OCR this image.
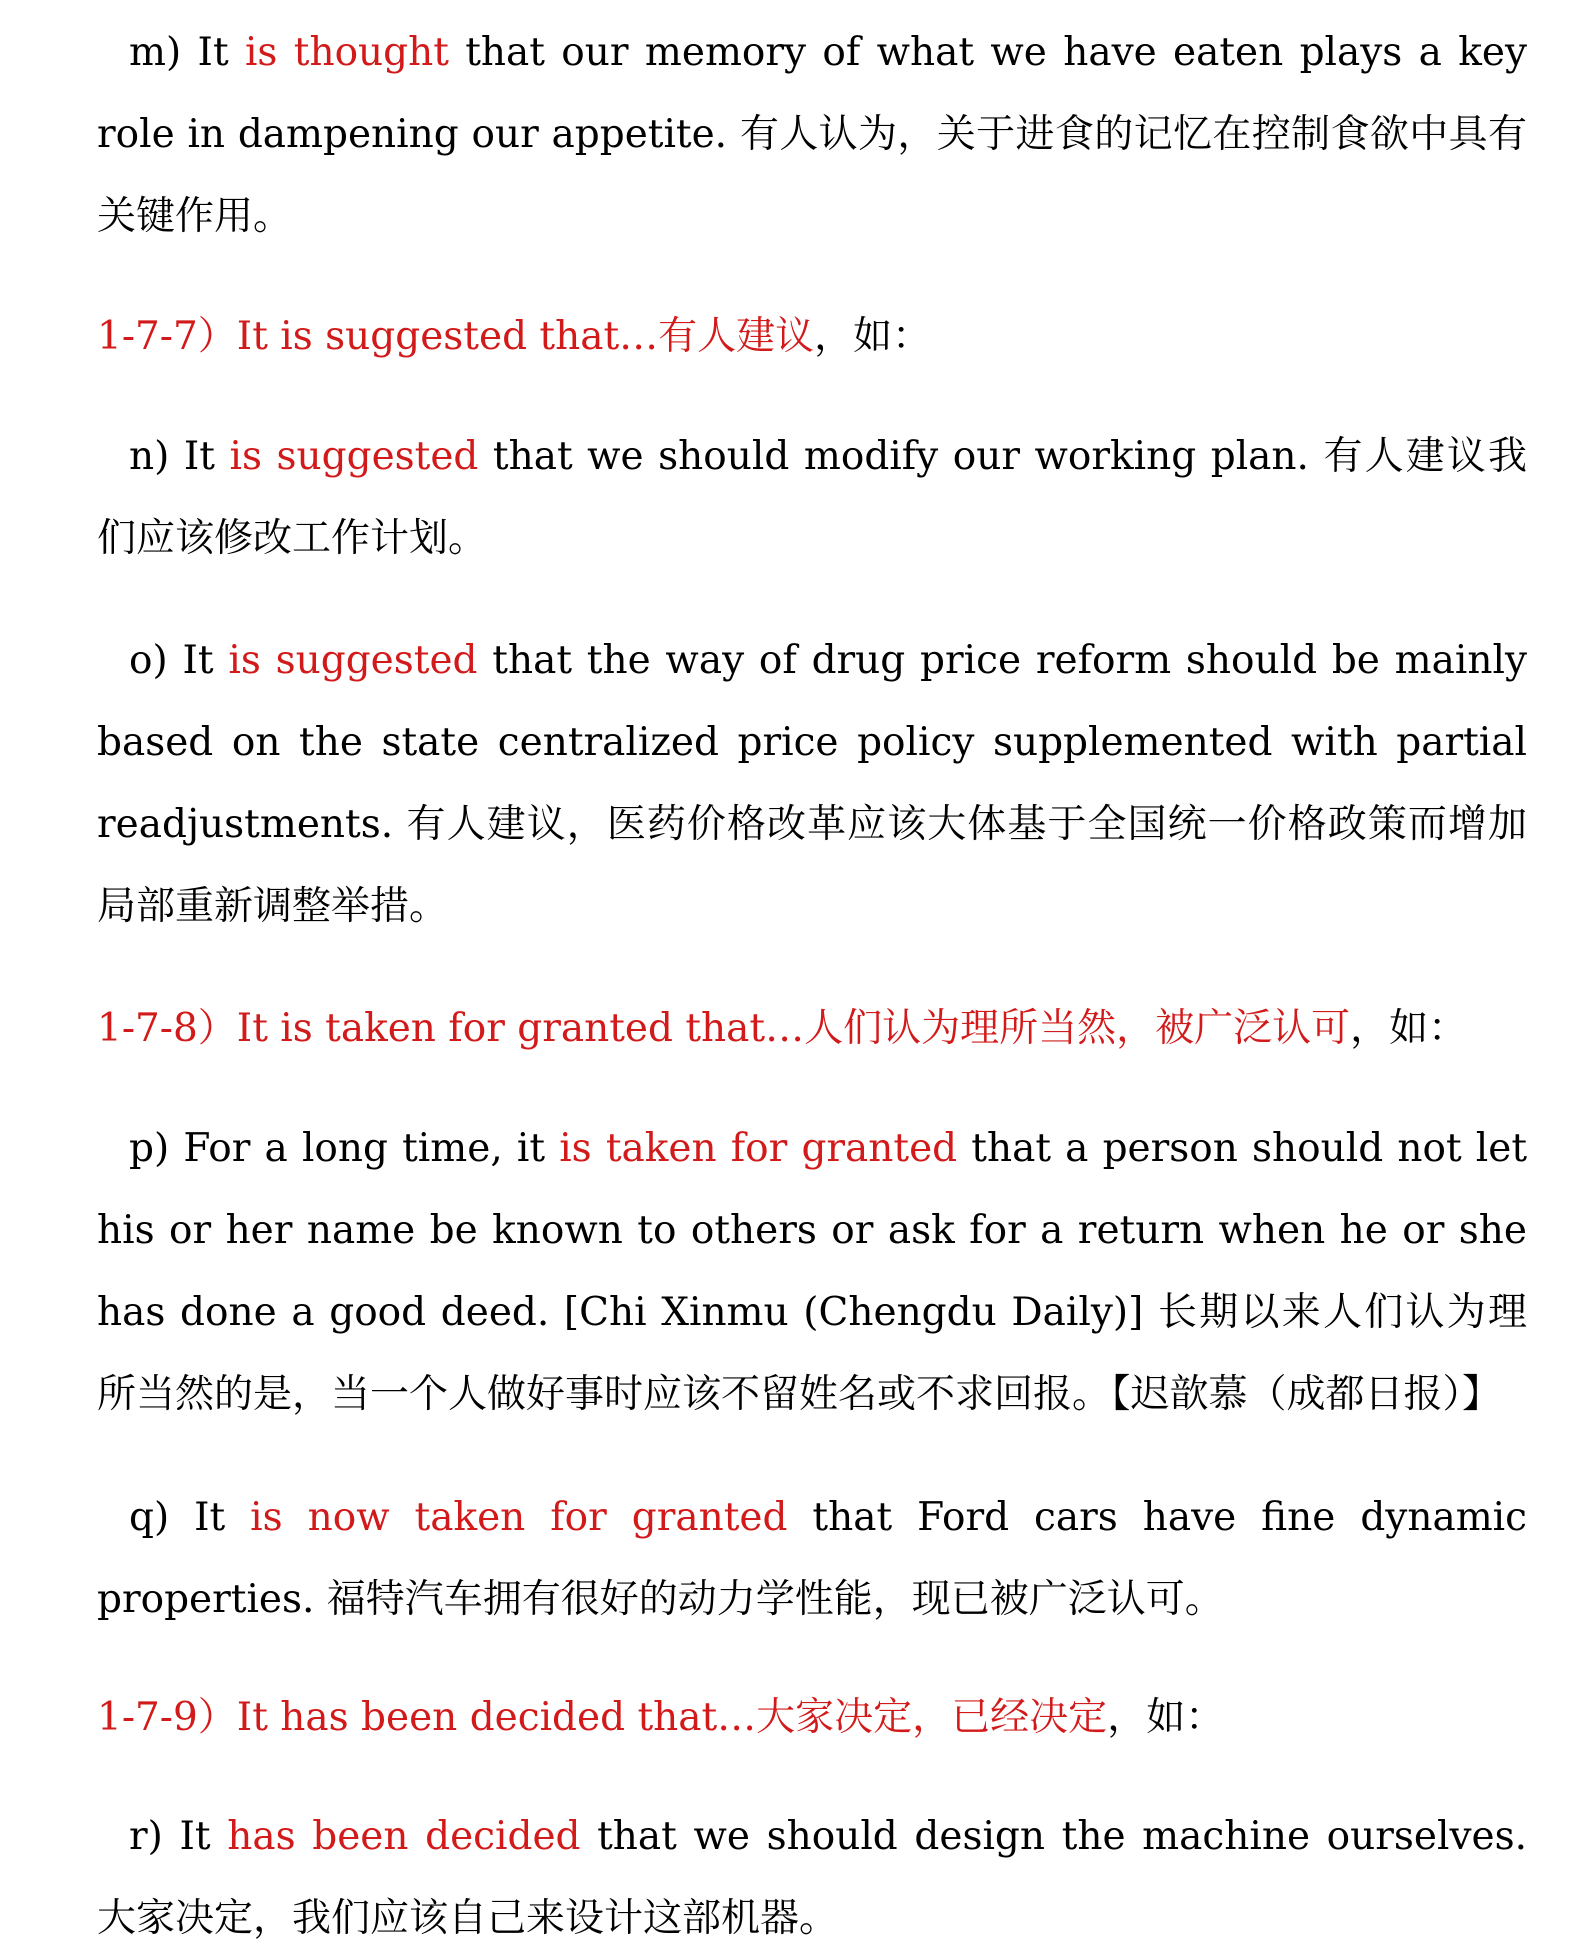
m) It is thought that our memory of what we have eaten plays a key role in dampening our appetite. 有人认为，关于进食的记忆在控制食欲中具有关键作用。

1-7-7）It is suggested that…有人建议，如：

n) It is suggested that we should modify our working plan. 有人建议我们应该修改工作计划。

o) It is suggested that the way of drug price reform should be mainly based on the state centralized price policy supplemented with partial readjustments. 有人建议，医药价格改革应该大体基于全国统一价格政策而增加局部重新调整举措。

1-7-8）It is taken for granted that…人们认为理所当然，被广泛认可，如：

p) For a long time, it is taken for granted that a person should not let his or her name be known to others or ask for a return when he or she has done a good deed. [Chi Xinmu (Chengdu Daily)] 长期以来人们认为理所当然的是，当一个人做好事时应该不留姓名或不求回报。【迟歆慕（成都日报）】

q) It is now taken for granted that Ford cars have fine dynamic properties. 福特汽车拥有很好的动力学性能，现已被广泛认可。

1-7-9）It has been decided that…大家决定，已经决定，如：

r) It has been decided that we should design the machine ourselves. 大家决定，我们应该自己来设计这部机器。
